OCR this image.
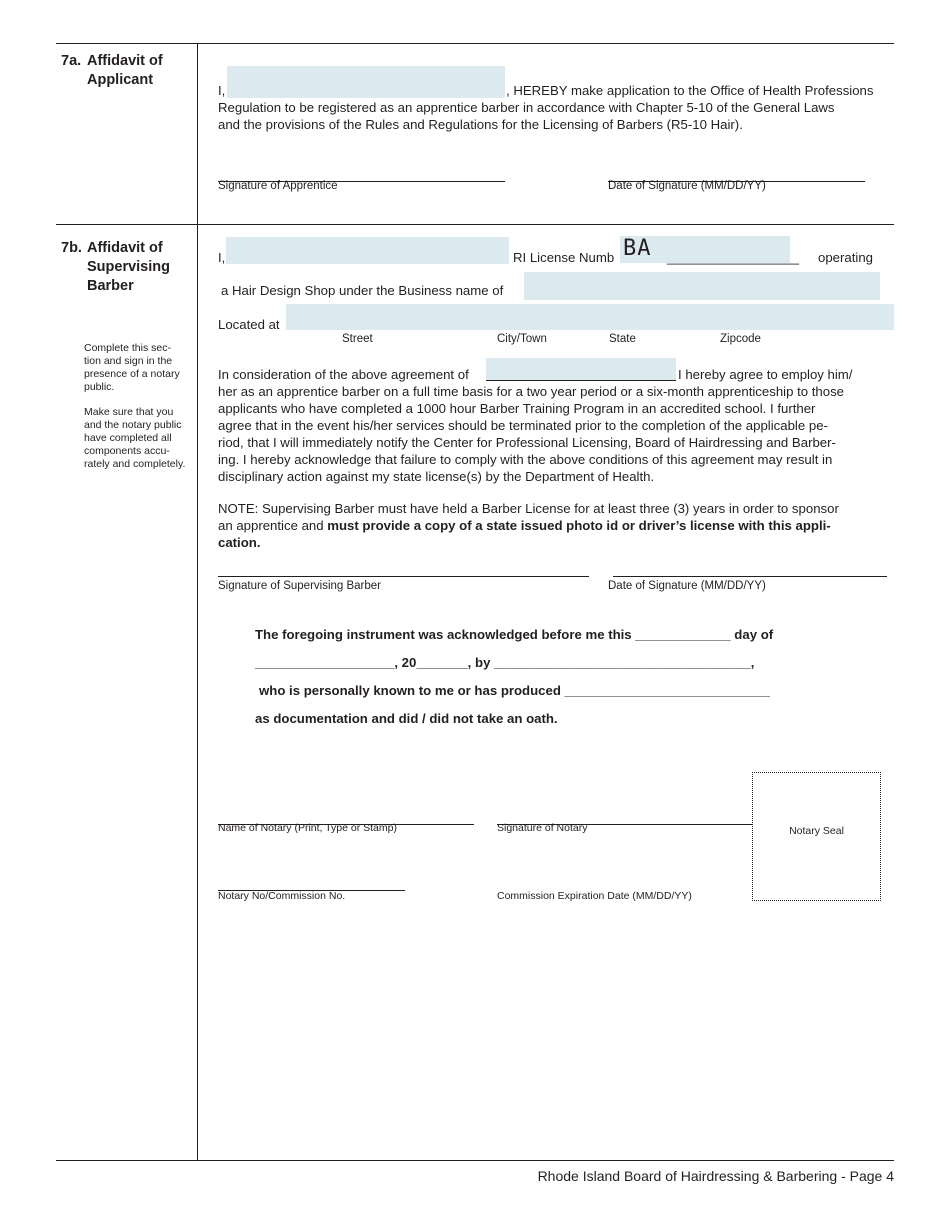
7a. Affidavit of
Applicant
I,	, HEREBY make application to the Office of Health Professions
Regulation to be registered as an apprentice barber in accordance with Chapter 5-10 of the General Laws
and the provisions of the Rules and Regulations for the Licensing of Barbers (R5-10 Hair).
Signature of Apprentice	Date of Signature (MM/DD/YY)
7b. Affidavit of
Supervising
Barber
Complete this sec-
tion and sign in the
presence of a notary
public.
Make sure that you
and the notary public
have completed all
components accu-
rately and completely.
I,	RI License Numb BA __________________ operating
a Hair Design Shop under the Business name of
Located at
Street	City/Town	State	Zipcode
In consideration of the above agreement of	I hereby agree to employ him/
her as an apprentice barber on a full time basis for a two year period or a six-month apprenticeship to those
applicants who have completed a 1000 hour Barber Training Program in an accredited school. I further
agree that in the event his/her services should be terminated prior to the completion of the applicable pe-
riod, that I will immediately notify the Center for Professional Licensing, Board of Hairdressing and Barber-
ing. I hereby acknowledge that failure to comply with the above conditions of this agreement may result in
disciplinary action against my state license(s) by the Department of Health.
NOTE: Supervising Barber must have held a Barber License for at least three (3) years in order to sponsor
an apprentice and must provide a copy of a state issued photo id or driver’s license with this appli-
cation.
Signature of Supervising Barber	Date of Signature (MM/DD/YY)
The foregoing instrument was acknowledged before me this _____________ day of
___________________, 20_______, by ___________________________________,
who is personally known to me or has produced ____________________________
as documentation and did / did not take an oath.
Name of Notary (Print, Type or Stamp)	Signature of Notary	Notary Seal
Notary No/Commission No.	Commission Expiration Date (MM/DD/YY)
Rhode Island Board of Hairdressing & Barbering - Page 4
